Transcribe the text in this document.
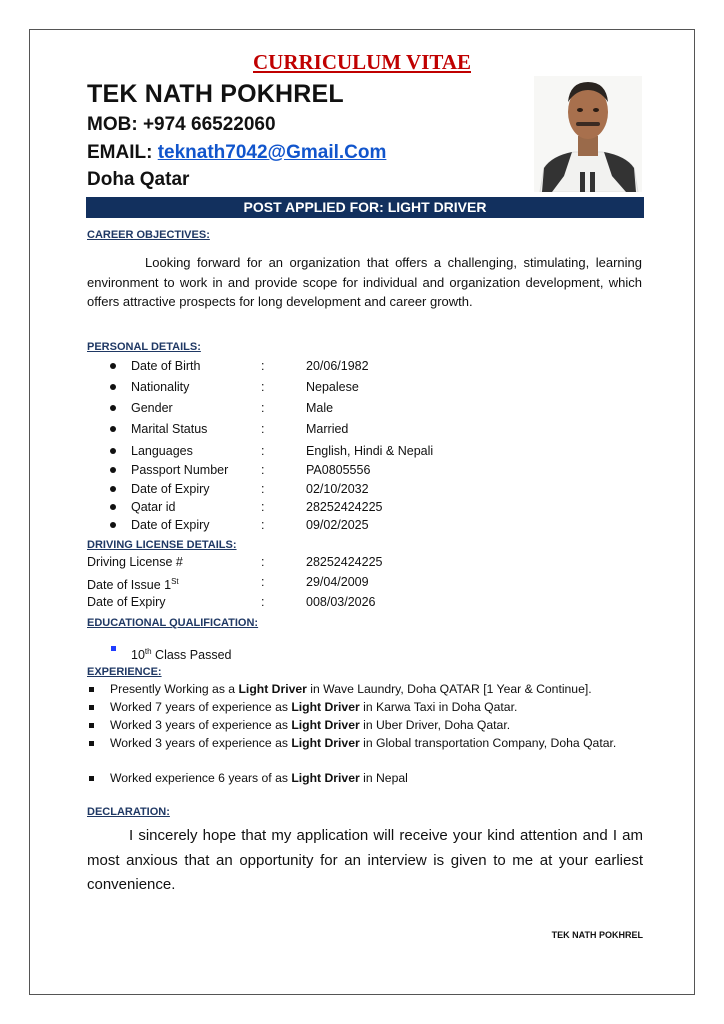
CURRICULUM VITAE
TEK NATH POKHREL
MOB: +974 66522060
EMAIL: teknath7042@Gmail.Com
Doha Qatar
POST APPLIED FOR: LIGHT DRIVER
CAREER OBJECTIVES:
Looking forward for an organization that offers a challenging, stimulating, learning environment to work in and provide scope for individual and organization development, which offers attractive prospects for long development and career growth.
PERSONAL DETAILS:
Date of Birth	:	20/06/1982
Nationality	:	Nepalese
Gender	:	Male
Marital Status	:	Married
Languages	:	English, Hindi & Nepali
Passport Number	:	PA0805556
Date of Expiry	:	02/10/2032
Qatar id	:	28252424225
Date of Expiry	:	09/02/2025
DRIVING LICENSE DETAILS:
Driving License #	:	28252424225
Date of Issue 1St	:	29/04/2009
Date of Expiry	:	008/03/2026
EDUCATIONAL QUALIFICATION:
10th Class Passed
EXPERIENCE:
Presently Working as a Light Driver in Wave Laundry, Doha QATAR [1 Year & Continue].
Worked 7 years of experience as Light Driver in Karwa Taxi in Doha Qatar.
Worked 3 years of experience as Light Driver in Uber Driver, Doha Qatar.
Worked 3 years of experience as Light Driver in Global transportation Company, Doha Qatar.
Worked experience 6 years of as Light Driver in Nepal
DECLARATION:
I sincerely hope that my application will receive your kind attention and I am most anxious that an opportunity for an interview is given to me at your earliest convenience.
TEK NATH POKHREL
